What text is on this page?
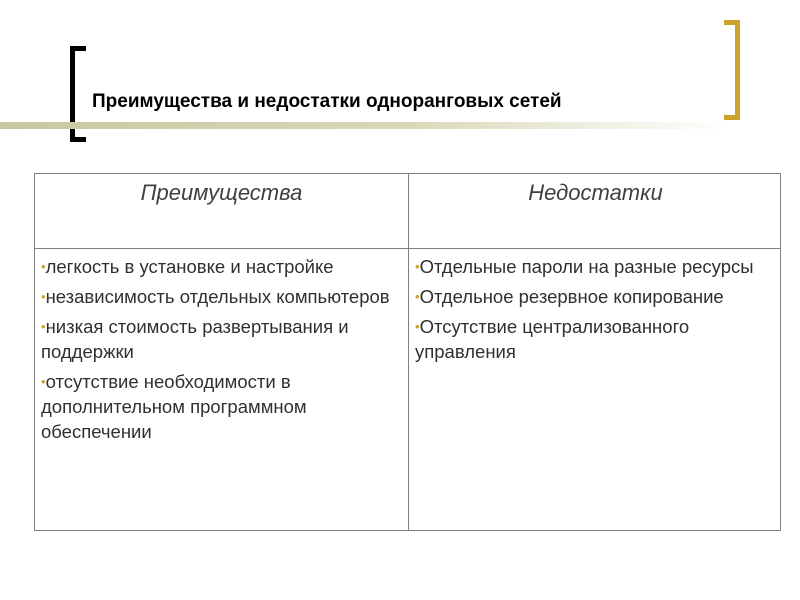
Преимущества и недостатки одноранговых сетей
Преимущества	Недостатки
•легкость в установке и настройке
•независимость отдельных компьютеров
•низкая стоимость развертывания и поддержки
•отсутствие необходимости в дополнительном программном обеспечении
•Отдельные пароли на разные ресурсы
•Отдельное резервное копирование
•Отсутствие централизованного управления
